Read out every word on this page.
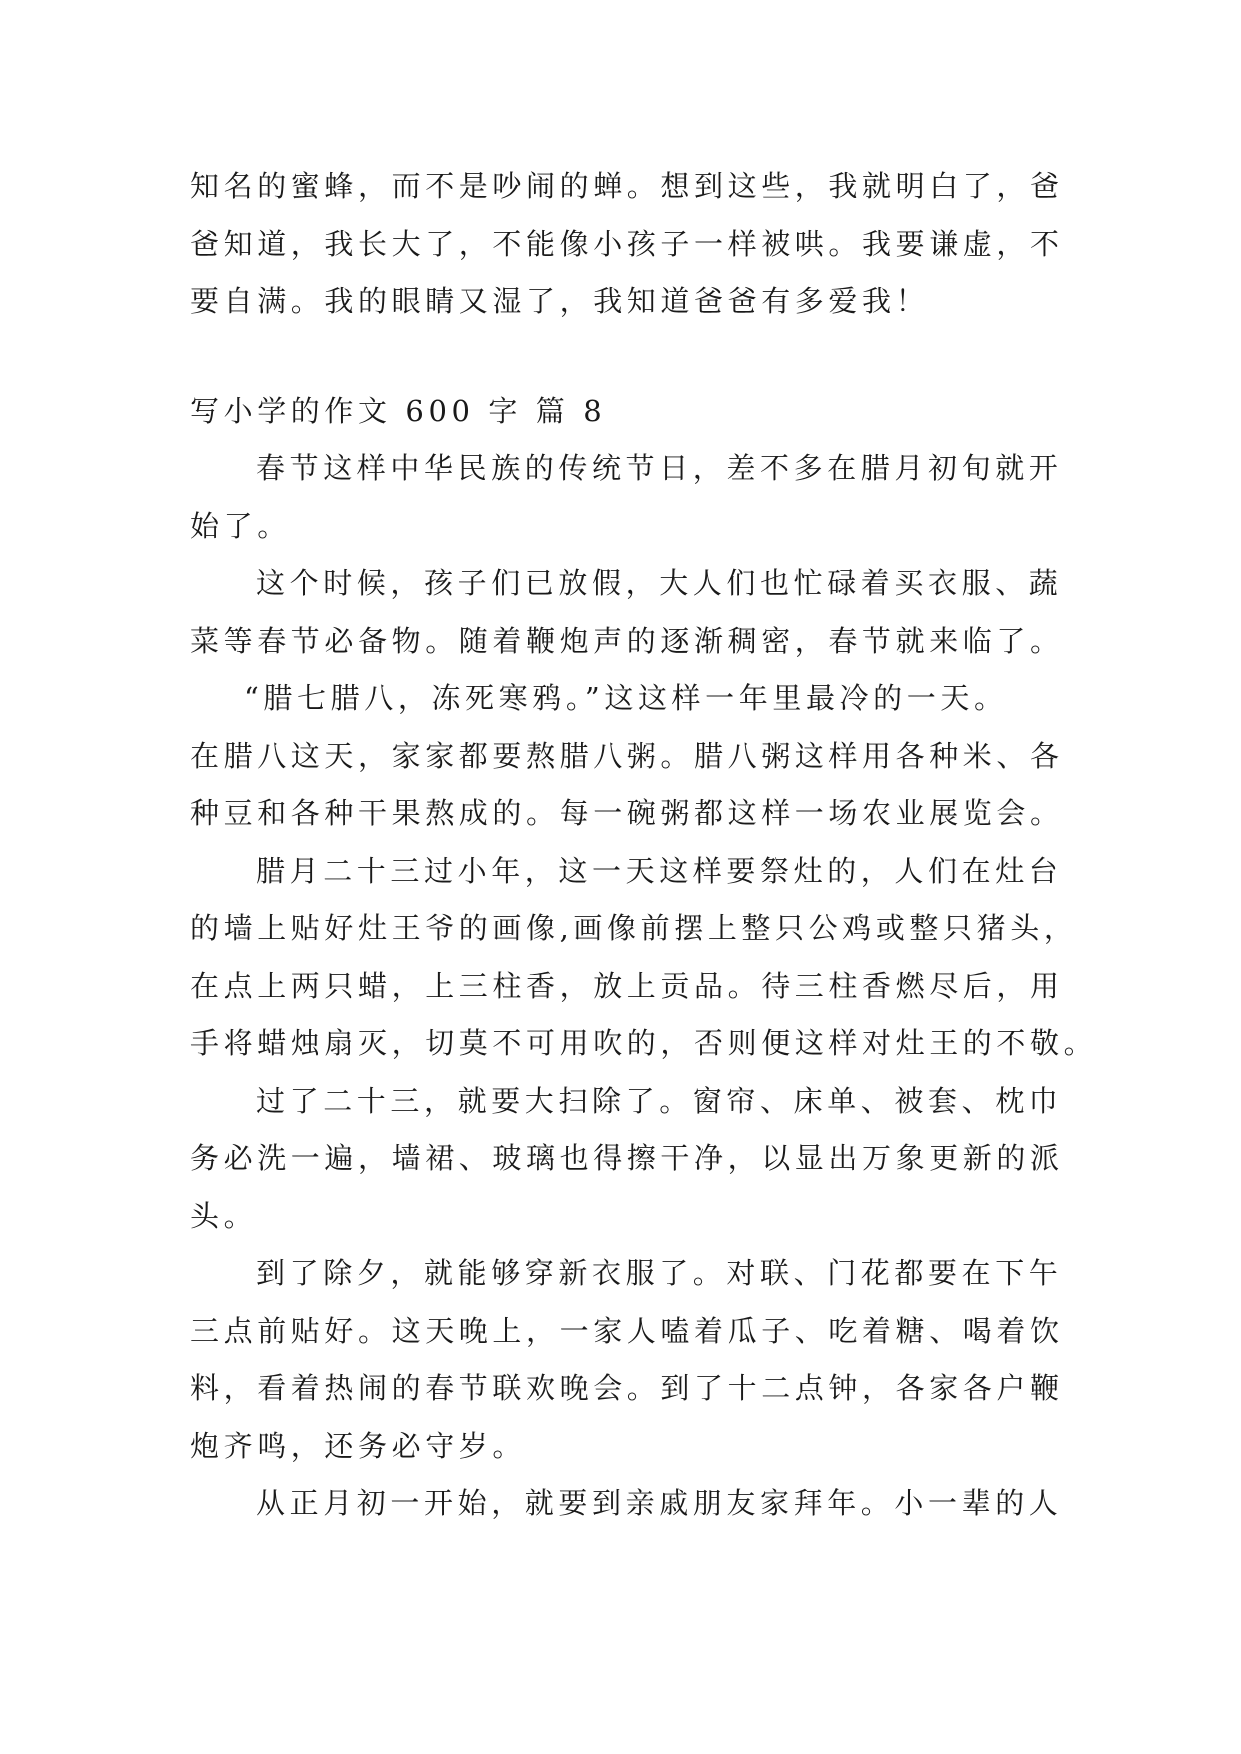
知名的蜜蜂，而不是吵闹的蝉。想到这些，我就明白了，爸
爸知道，我长大了，不能像小孩子一样被哄。我要谦虚，不
要自满。我的眼睛又湿了，我知道爸爸有多爱我！
写小学的作文 600 字 篇 8
春节这样中华民族的传统节日，差不多在腊月初旬就开
始了。
这个时候，孩子们已放假，大人们也忙碌着买衣服、蔬
菜等春节必备物。随着鞭炮声的逐渐稠密，春节就来临了。
“腊七腊八，冻死寒鸦。”这这样一年里最冷的一天。
在腊八这天，家家都要熬腊八粥。腊八粥这样用各种米、各
种豆和各种干果熬成的。每一碗粥都这样一场农业展览会。
腊月二十三过小年，这一天这样要祭灶的，人们在灶台
的墙上贴好灶王爷的画像,画像前摆上整只公鸡或整只猪头，
在点上两只蜡，上三柱香，放上贡品。待三柱香燃尽后，用
手将蜡烛扇灭，切莫不可用吹的，否则便这样对灶王的不敬。
过了二十三，就要大扫除了。窗帘、床单、被套、枕巾
务必洗一遍，墙裙、玻璃也得擦干净，以显出万象更新的派
头。
到了除夕，就能够穿新衣服了。对联、门花都要在下午
三点前贴好。这天晚上，一家人嗑着瓜子、吃着糖、喝着饮
料，看着热闹的春节联欢晚会。到了十二点钟，各家各户鞭
炮齐鸣，还务必守岁。
从正月初一开始，就要到亲戚朋友家拜年。小一辈的人
